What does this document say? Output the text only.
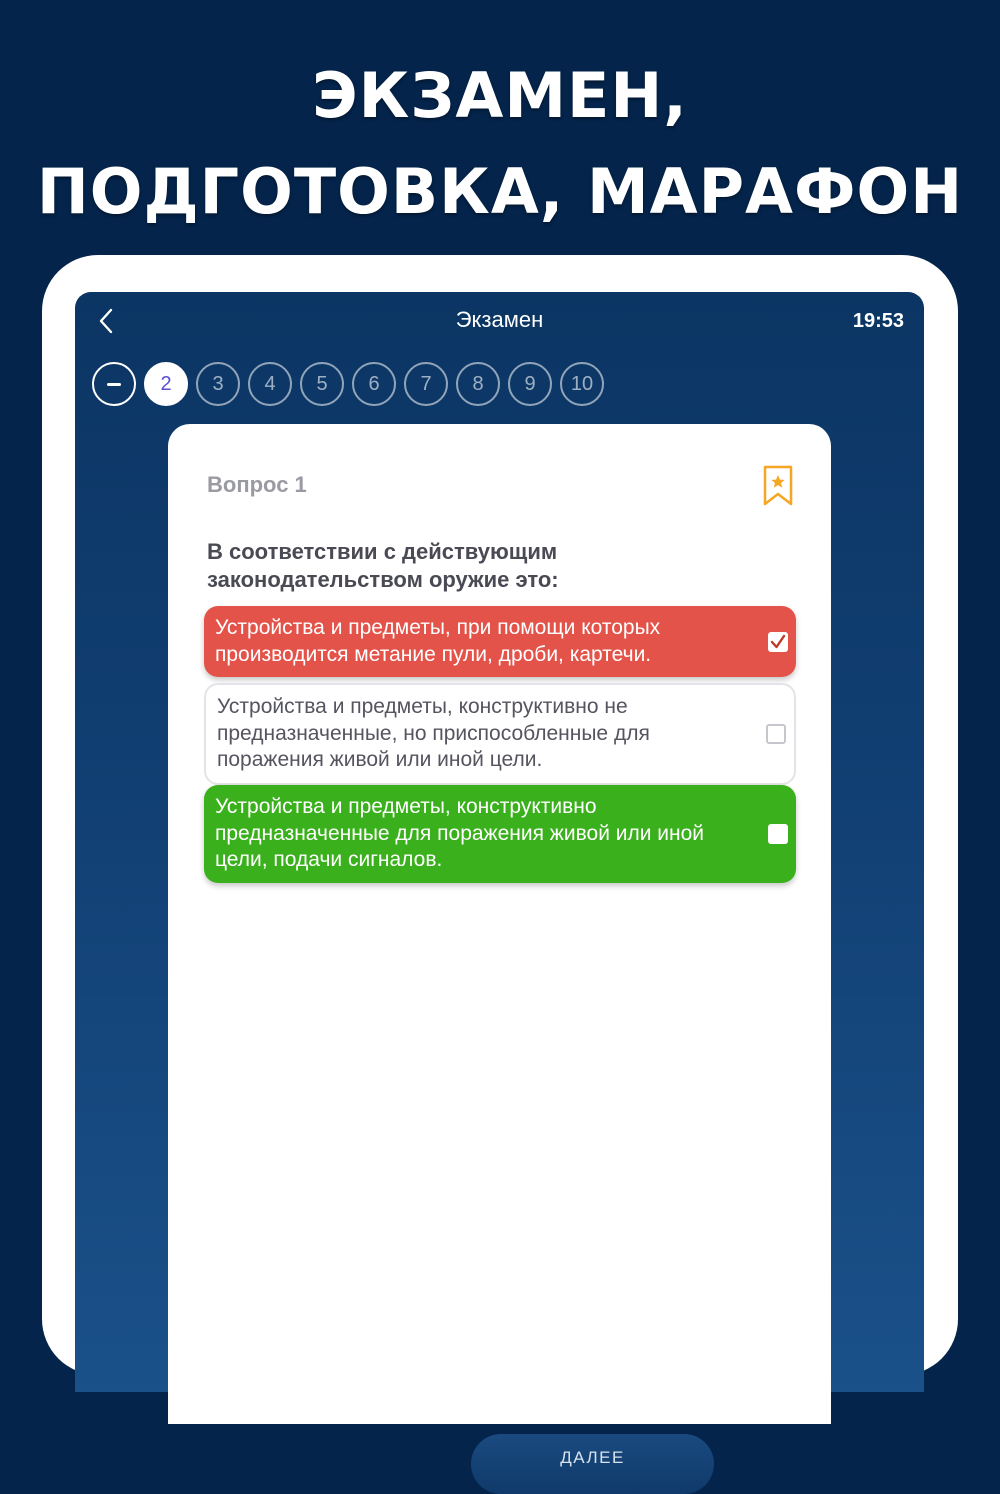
ЭКЗАМЕН,
ПОДГОТОВКА, МАРАФОН
Экзамен	19:53
2	3	4	5	6	7	8	9	10
Вопрос 1
В соответствии с действующим законодательством оружие это:
Устройства и предметы, при помощи которых производится метание пули, дроби, картечи.
Устройства и предметы, конструктивно не предназначенные, но приспособленные для поражения живой или иной цели.
Устройства и предметы, конструктивно предназначенные для поражения живой или иной цели, подачи сигналов.
ДАЛЕЕ
